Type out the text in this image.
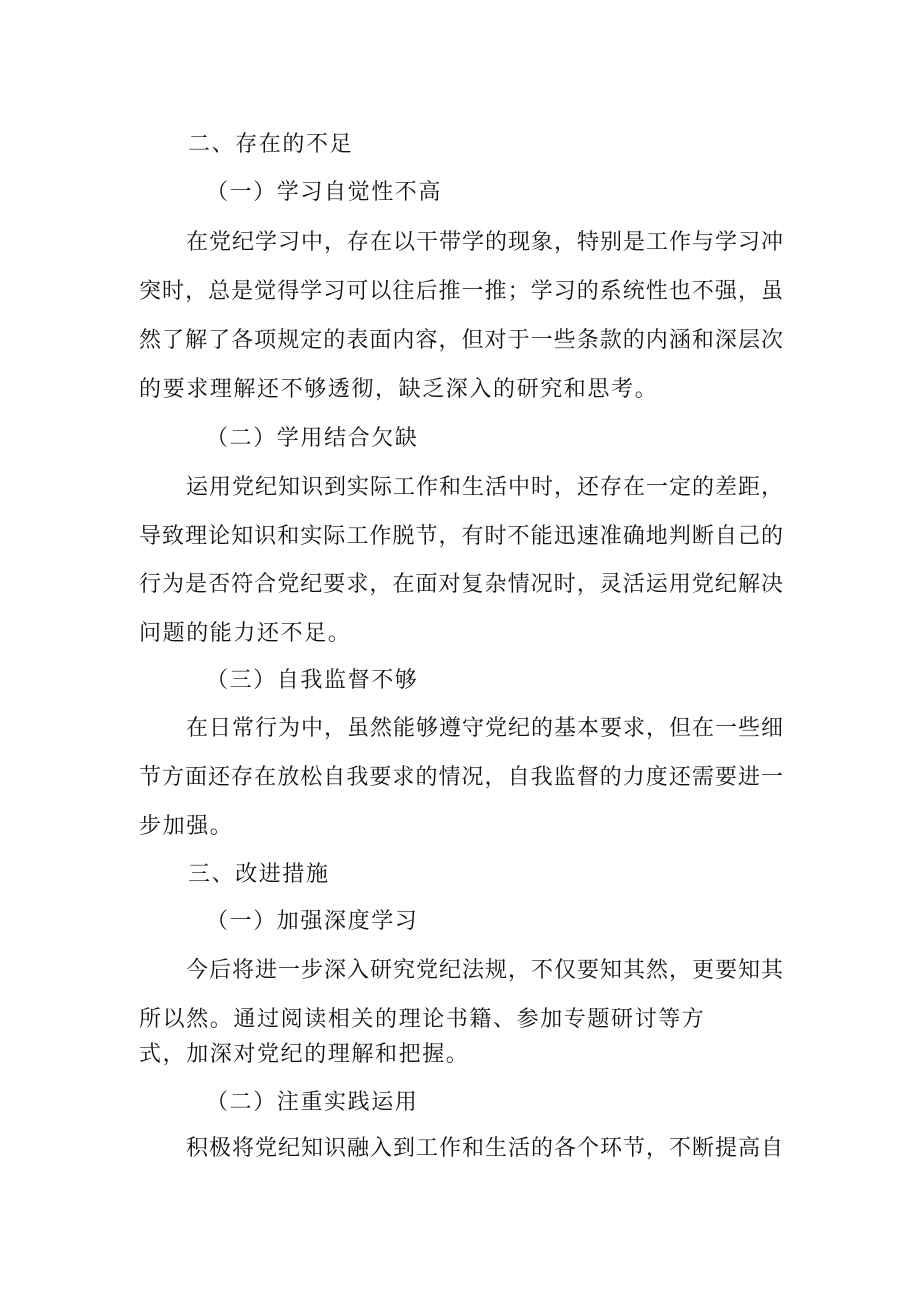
二、存在的不足
（一）学习自觉性不高
在党纪学习中，存在以干带学的现象，特别是工作与学习冲
突时，总是觉得学习可以往后推一推；学习的系统性也不强，虽
然了解了各项规定的表面内容，但对于一些条款的内涵和深层次
的要求理解还不够透彻，缺乏深入的研究和思考。
（二）学用结合欠缺
运用党纪知识到实际工作和生活中时，还存在一定的差距，
导致理论知识和实际工作脱节，有时不能迅速准确地判断自己的
行为是否符合党纪要求，在面对复杂情况时，灵活运用党纪解决
问题的能力还不足。
（三）自我监督不够
在日常行为中，虽然能够遵守党纪的基本要求，但在一些细
节方面还存在放松自我要求的情况，自我监督的力度还需要进一
步加强。
三、改进措施
（一）加强深度学习
今后将进一步深入研究党纪法规，不仅要知其然，更要知其
所以然。通过阅读相关的理论书籍、参加专题研讨等方
式，加深对党纪的理解和把握。
（二）注重实践运用
积极将党纪知识融入到工作和生活的各个环节，不断提高自
